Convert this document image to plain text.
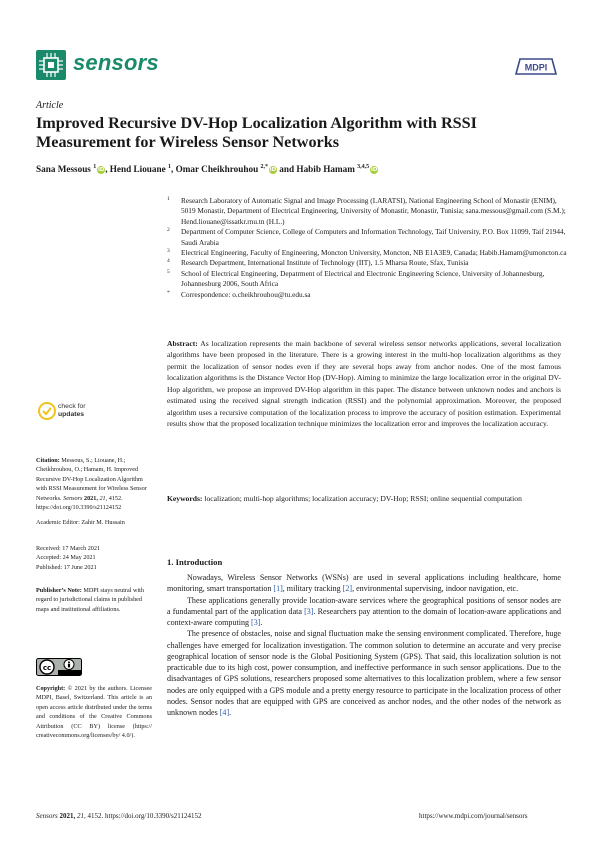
sensors	MDPI
Article
Improved Recursive DV-Hop Localization Algorithm with RSSI Measurement for Wireless Sensor Networks
Sana Messous $^1$iD, Hend Liouane $^1$, Omar Cheikhrouhou $^{2,*}$iD and Habib Hamam $^{3,4,5}$iD
1 Research Laboratory of Automatic Signal and Image Processing (LARATSI), National Engineering School of Monastir (ENIM), 5019 Monastir, Department of Electrical Engineering, University of Monastir, Monastir, Tunisia; sana.messous@gmail.com (S.M.); Hend.liouane@issatkr.rnu.tn (H.L.)
2 Department of Computer Science, College of Computers and Information Technology, Taif University, P.O. Box 11099, Taif 21944, Saudi Arabia
3 Electrical Engineering, Faculty of Engineering, Moncton University, Moncton, NB E1A3E9, Canada; Habib.Hamam@umoncton.ca
4 Research Department, International Institute of Technology (IIT), 1.5 Mharsa Route, Sfax, Tunisia
5 School of Electrical Engineering, Depatrment of Electrical and Electronic Engineering Science, University of Johannesburg, Johannesburg 2006, South Africa
* Correspondence: o.cheikhrouhou@tu.edu.sa
Abstract: As localization represents the main backbone of several wireless sensor networks applications, several localization algorithms have been proposed in the literature. There is a growing interest in the multi-hop localization algorithms as they permit the localization of sensor nodes even if they are several hops away from anchor nodes. One of the most famous localization algorithms is the Distance Vector Hop (DV-Hop). Aiming to minimize the large localization error in the original DV-Hop algorithm, we propose an improved DV-Hop algorithm in this paper. The distance between unknown nodes and anchors is estimated using the received signal strength indication (RSSI) and the polynomial approximation. Moreover, the proposed algorithm uses a recursive computation of the localization process to improve the accuracy of position estimation. Experimental results show that the proposed localization technique minimizes the localization error and improves the localization accuracy.
Keywords: localization; multi-hop algorithms; localization accuracy; DV-Hop; RSSI; online sequential computation
check for
updates
Citation: Messous, S.; Liouane, H.; Cheikhrouhou, O.; Hamam, H. Improved Recursive DV-Hop Localization Algorithm with RSSI Measurement for Wireless Sensor Networks. Sensors 2021, 21, 4152. https://doi.org/10.3390/s21124152
Academic Editor: Zahir M. Hussain
Received: 17 March 2021
Accepted: 24 May 2021
Published: 17 June 2021
Publisher’s Note: MDPI stays neutral with regard to jurisdictional claims in published maps and institutional affiliations.
cc
Copyright: © 2021 by the authors. Licensee MDPI, Basel, Switzerland. This article is an open access article distributed under the terms and conditions of the Creative Commons Attribution (CC BY) license (https:// creativecommons.org/licenses/by/ 4.0/).
1. Introduction

Nowadays, Wireless Sensor Networks (WSNs) are used in several applications including healthcare, home monitoring, smart transportation [1], military tracking [2], environmental supervising, indoor navigation, etc.

These applications generally provide location-aware services where the geographical positions of sensor nodes are a fundamental part of the application data [3]. Researchers pay attention to the domain of location-aware applications and context-aware computing [3].

The presence of obstacles, noise and signal fluctuation make the sensing environment complicated. Therefore, huge challenges have emerged for localization investigation. The common solution to determine an accurate and very precise geographical location of sensor node is the Global Positioning System (GPS). That said, this localization solution is not practicable due to its high cost, power consumption, and ineffective performance in such sensor applications. Due to the disadvantages of GPS solutions, researchers proposed some alternatives to this localization problem, where a few sensor nodes are only equipped with a GPS module and a pretty energy resource to participate in the localization process of other nodes. Sensor nodes that are equipped with GPS are conceived as anchor nodes, and the other nodes of the network as unknown nodes [4].

Sensors 2021, 21, 4152. https://doi.org/10.3390/s21124152	https://www.mdpi.com/journal/sensors
